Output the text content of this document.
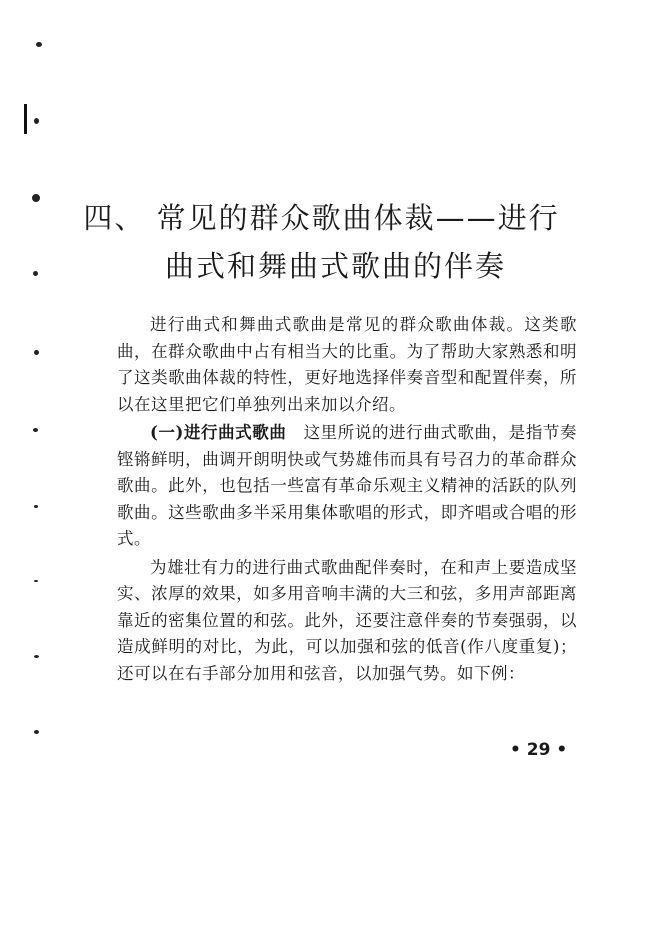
四、 常见的群众歌曲体裁——进行
曲式和舞曲式歌曲的伴奏

进行曲式和舞曲式歌曲是常见的群众歌曲体裁。这类歌曲，在群众歌曲中占有相当大的比重。为了帮助大家熟悉和明了这类歌曲体裁的特性，更好地选择伴奏音型和配置伴奏，所以在这里把它们单独列出来加以介绍。

(一)进行曲式歌曲　 这里所说的进行曲式歌曲，是指节奏铿锵鲜明，曲调开朗明快或气势雄伟而具有号召力的革命群众歌曲。此外，也包括一些富有革命乐观主义精神的活跃的队列歌曲。这些歌曲多半采用集体歌唱的形式，即齐唱或合唱的形式。

为雄壮有力的进行曲式歌曲配伴奏时，在和声上要造成坚实、浓厚的效果，如多用音响丰满的大三和弦，多用声部距离靠近的密集位置的和弦。此外，还要注意伴奏的节奏强弱，以造成鲜明的对比，为此，可以加强和弦的低音(作八度重复)；还可以在右手部分加用和弦音，以加强气势。如下例：

• 29 •
